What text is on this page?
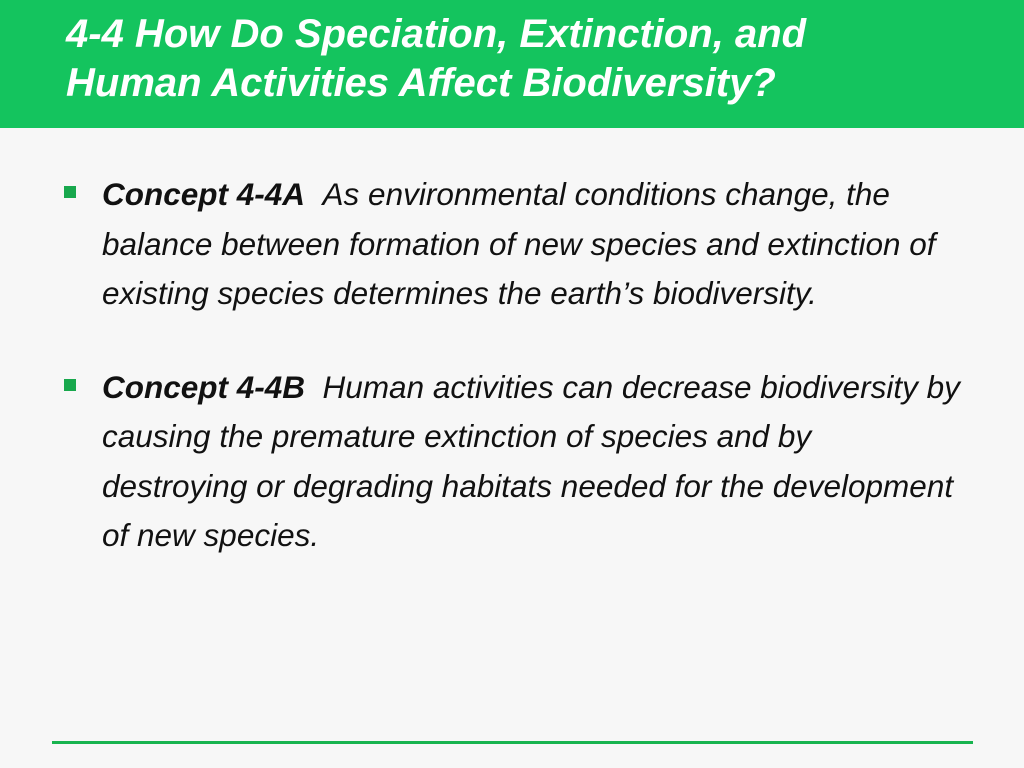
4-4 How Do Speciation, Extinction, and
Human Activities Affect Biodiversity?
Concept 4-4A As environmental conditions change, the balance between formation of new species and extinction of existing species determines the earth’s biodiversity.
Concept 4-4B Human activities can decrease biodiversity by causing the premature extinction of species and by destroying or degrading habitats needed for the development of new species.
